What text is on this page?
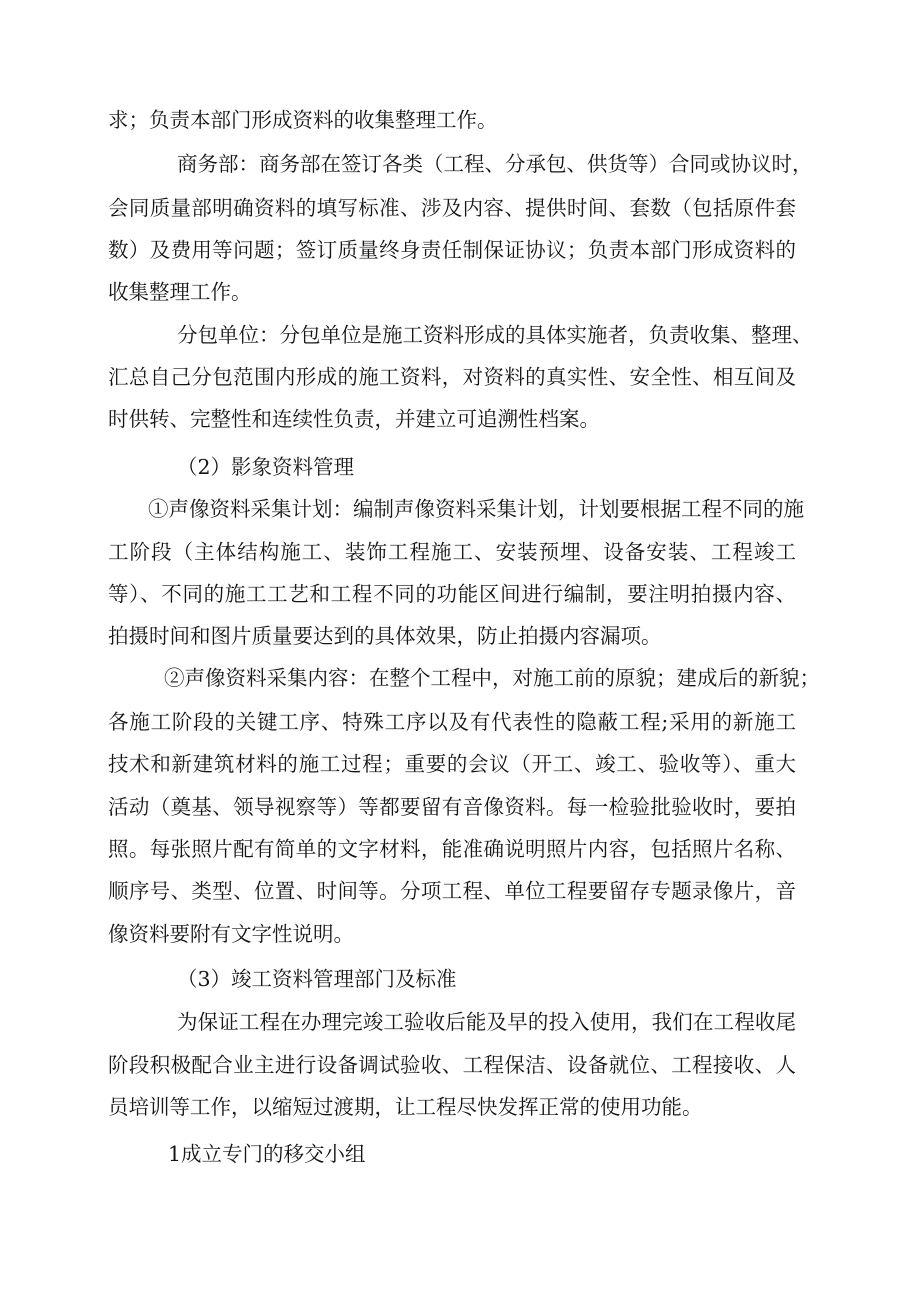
求；负责本部门形成资料的收集整理工作。
商务部：商务部在签订各类（工程、分承包、供货等）合同或协议时，
会同质量部明确资料的填写标准、涉及内容、提供时间、套数（包括原件套
数）及费用等问题；签订质量终身责任制保证协议；负责本部门形成资料的
收集整理工作。
分包单位：分包单位是施工资料形成的具体实施者，负责收集、整理、
汇总自己分包范围内形成的施工资料，对资料的真实性、安全性、相互间及
时供转、完整性和连续性负责，并建立可追溯性档案。
（2）影象资料管理
①声像资料采集计划：编制声像资料采集计划，计划要根据工程不同的施
工阶段（主体结构施工、装饰工程施工、安装预埋、设备安装、工程竣工
等）、不同的施工工艺和工程不同的功能区间进行编制，要注明拍摄内容、
拍摄时间和图片质量要达到的具体效果，防止拍摄内容漏项。
②声像资料采集内容：在整个工程中，对施工前的原貌；建成后的新貌；
各施工阶段的关键工序、特殊工序以及有代表性的隐蔽工程;采用的新施工
技术和新建筑材料的施工过程；重要的会议（开工、竣工、验收等）、重大
活动（奠基、领导视察等）等都要留有音像资料。每一检验批验收时，要拍
照。每张照片配有简单的文字材料，能准确说明照片内容，包括照片名称、
顺序号、类型、位置、时间等。分项工程、单位工程要留存专题录像片，音
像资料要附有文字性说明。
（3）竣工资料管理部门及标准
为保证工程在办理完竣工验收后能及早的投入使用，我们在工程收尾
阶段积极配合业主进行设备调试验收、工程保洁、设备就位、工程接收、人
员培训等工作，以缩短过渡期，让工程尽快发挥正常的使用功能。
1成立专门的移交小组
